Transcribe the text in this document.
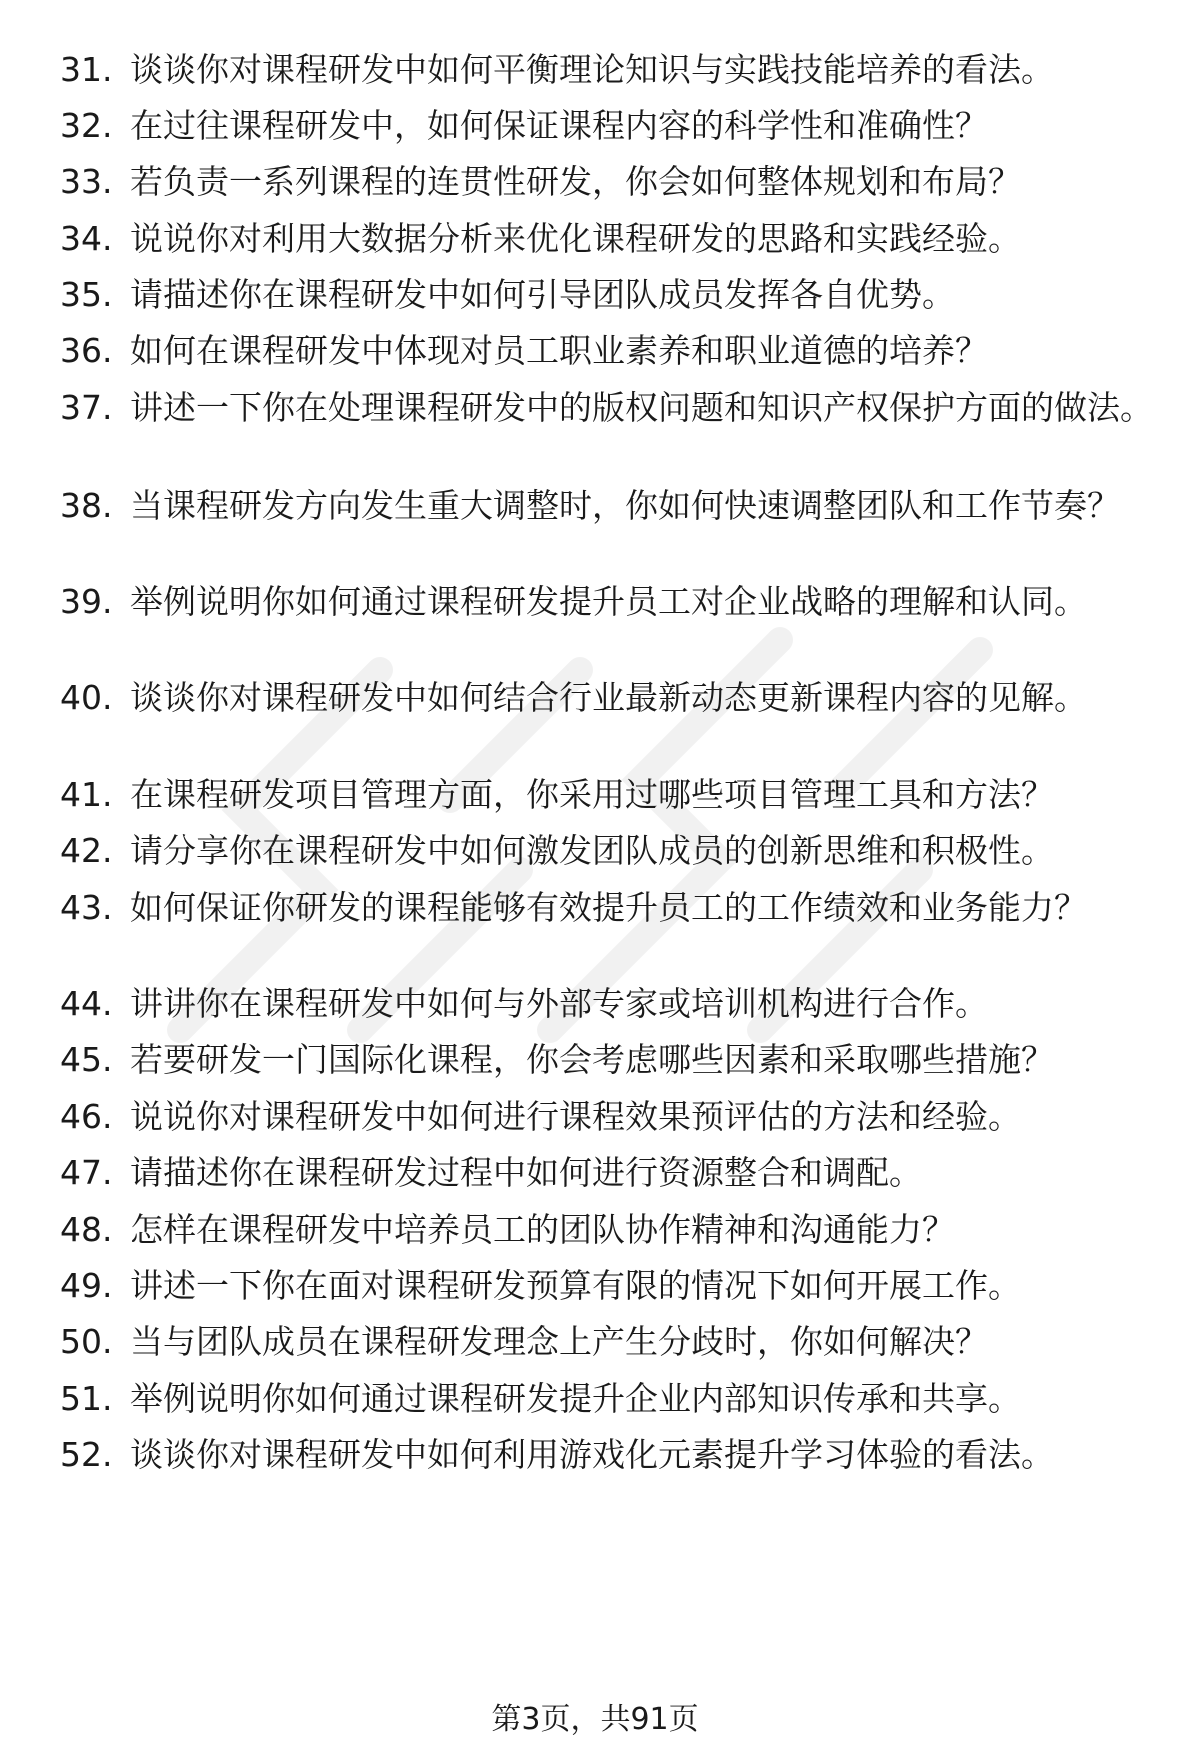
31. 谈谈你对课程研发中如何平衡理论知识与实践技能培养的看法。
32. 在过往课程研发中，如何保证课程内容的科学性和准确性？
33. 若负责一系列课程的连贯性研发，你会如何整体规划和布局？
34. 说说你对利用大数据分析来优化课程研发的思路和实践经验。
35. 请描述你在课程研发中如何引导团队成员发挥各自优势。
36. 如何在课程研发中体现对员工职业素养和职业道德的培养？
37. 讲述一下你在处理课程研发中的版权问题和知识产权保护方面的做法。
38. 当课程研发方向发生重大调整时，你如何快速调整团队和工作节奏？
39. 举例说明你如何通过课程研发提升员工对企业战略的理解和认同。
40. 谈谈你对课程研发中如何结合行业最新动态更新课程内容的见解。
41. 在课程研发项目管理方面，你采用过哪些项目管理工具和方法？
42. 请分享你在课程研发中如何激发团队成员的创新思维和积极性。
43. 如何保证你研发的课程能够有效提升员工的工作绩效和业务能力？
44. 讲讲你在课程研发中如何与外部专家或培训机构进行合作。
45. 若要研发一门国际化课程，你会考虑哪些因素和采取哪些措施？
46. 说说你对课程研发中如何进行课程效果预评估的方法和经验。
47. 请描述你在课程研发过程中如何进行资源整合和调配。
48. 怎样在课程研发中培养员工的团队协作精神和沟通能力？
49. 讲述一下你在面对课程研发预算有限的情况下如何开展工作。
50. 当与团队成员在课程研发理念上产生分歧时，你如何解决？
51. 举例说明你如何通过课程研发提升企业内部知识传承和共享。
52. 谈谈你对课程研发中如何利用游戏化元素提升学习体验的看法。
第3页，共91页
